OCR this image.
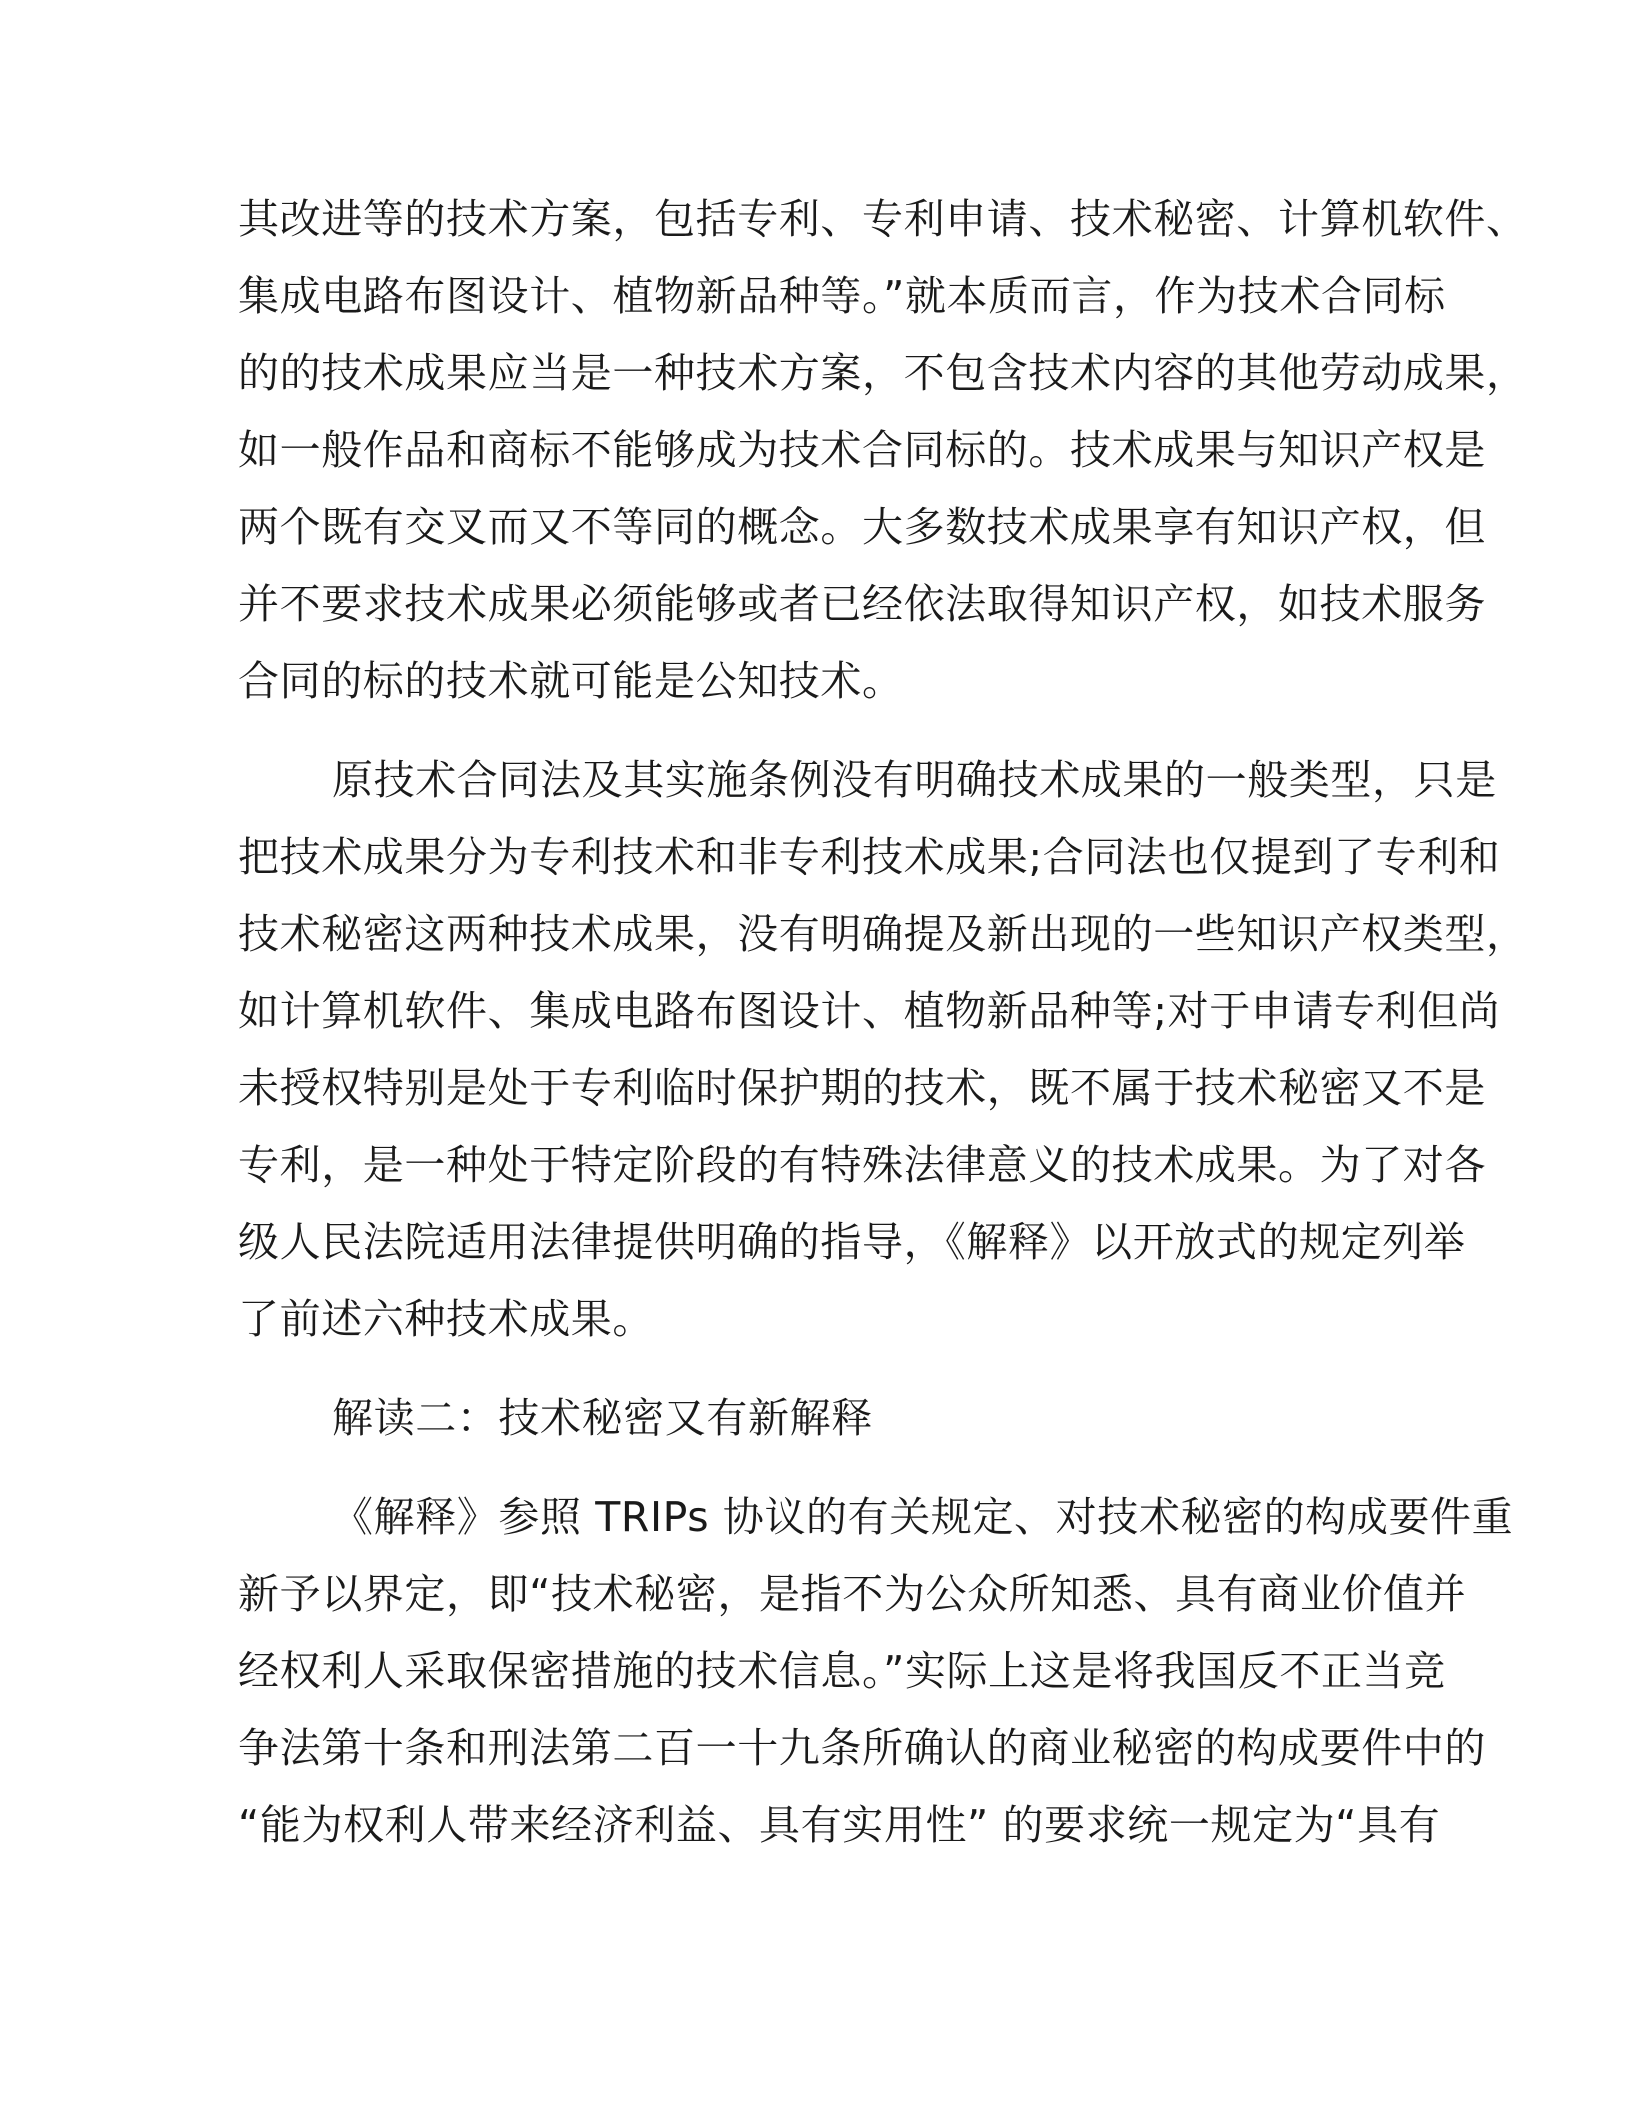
其改进等的技术方案，包括专利、专利申请、技术秘密、计算机软件、
集成电路布图设计、植物新品种等。”就本质而言，作为技术合同标
的的技术成果应当是一种技术方案，不包含技术内容的其他劳动成果，
如一般作品和商标不能够成为技术合同标的。技术成果与知识产权是
两个既有交叉而又不等同的概念。大多数技术成果享有知识产权，但
并不要求技术成果必须能够或者已经依法取得知识产权，如技术服务
合同的标的技术就可能是公知技术。
原技术合同法及其实施条例没有明确技术成果的一般类型，只是
把技术成果分为专利技术和非专利技术成果;合同法也仅提到了专利和
技术秘密这两种技术成果，没有明确提及新出现的一些知识产权类型，
如计算机软件、集成电路布图设计、植物新品种等;对于申请专利但尚
未授权特别是处于专利临时保护期的技术，既不属于技术秘密又不是
专利，是一种处于特定阶段的有特殊法律意义的技术成果。为了对各
级人民法院适用法律提供明确的指导，《解释》以开放式的规定列举
了前述六种技术成果。
解读二：技术秘密又有新解释
《解释》参照 TRIPs 协议的有关规定、对技术秘密的构成要件重
新予以界定，即“技术秘密，是指不为公众所知悉、具有商业价值并
经权利人采取保密措施的技术信息。”实际上这是将我国反不正当竞
争法第十条和刑法第二百一十九条所确认的商业秘密的构成要件中的
“能为权利人带来经济利益、具有实用性” 的要求统一规定为“具有
